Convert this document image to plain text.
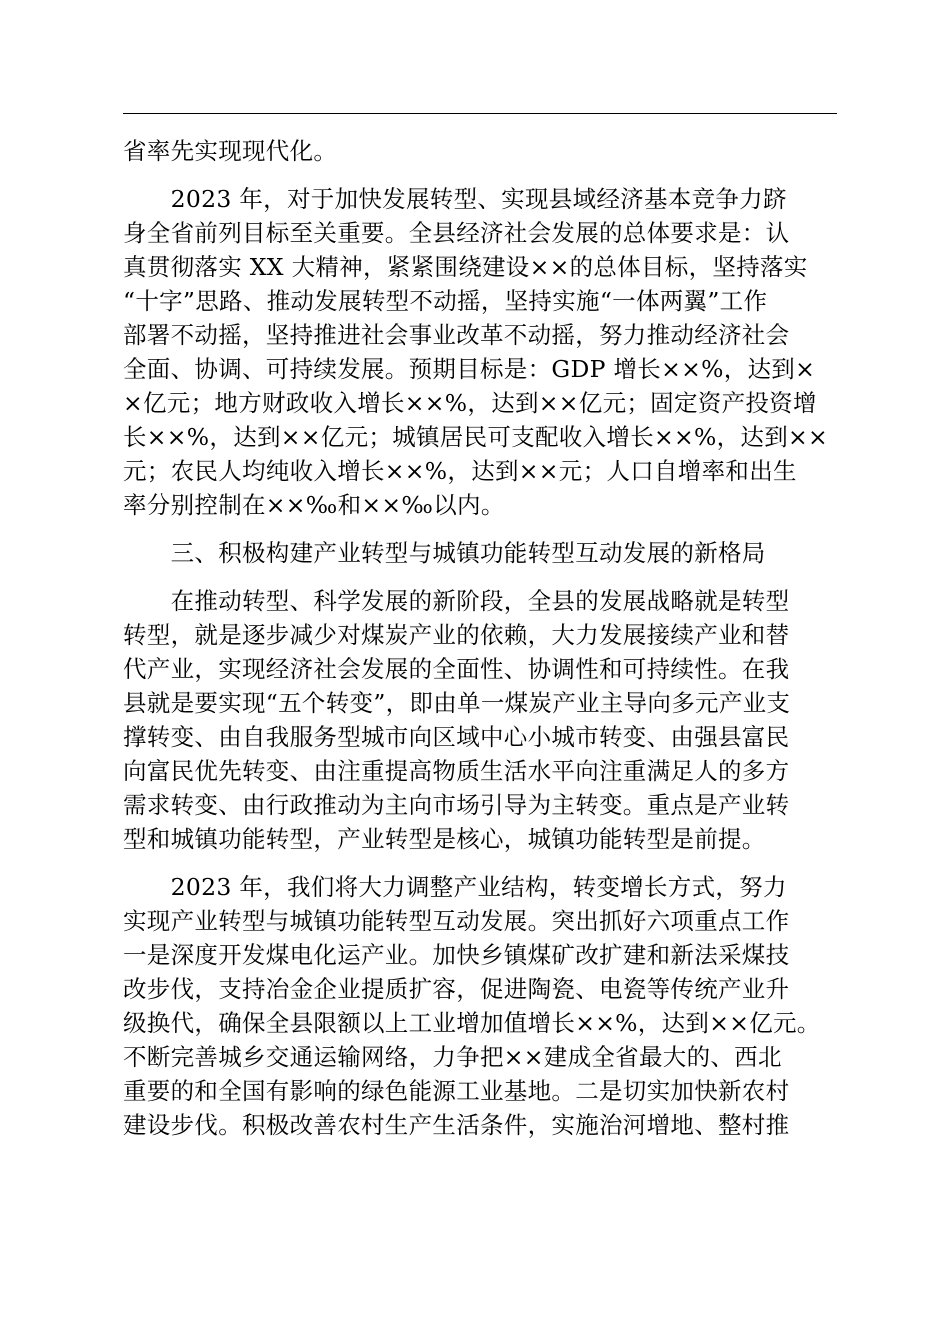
省率先实现现代化。
　　2023 年，对于加快发展转型、实现县域经济基本竞争力跻
身全省前列目标至关重要。全县经济社会发展的总体要求是：认
真贯彻落实 XX 大精神，紧紧围绕建设××的总体目标，坚持落实
“十字”思路、推动发展转型不动摇，坚持实施“一体两翼”工作
部署不动摇，坚持推进社会事业改革不动摇，努力推动经济社会
全面、协调、可持续发展。预期目标是：GDP 增长××%，达到×
×亿元；地方财政收入增长××%，达到××亿元；固定资产投资增
长××%，达到××亿元；城镇居民可支配收入增长××%，达到××
元；农民人均纯收入增长××%，达到××元；人口自增率和出生
率分别控制在××‰和××‰以内。
　　三、积极构建产业转型与城镇功能转型互动发展的新格局
　　在推动转型、科学发展的新阶段，全县的发展战略就是转型
转型，就是逐步减少对煤炭产业的依赖，大力发展接续产业和替
代产业，实现经济社会发展的全面性、协调性和可持续性。在我
县就是要实现“五个转变”，即由单一煤炭产业主导向多元产业支
撑转变、由自我服务型城市向区域中心小城市转变、由强县富民
向富民优先转变、由注重提高物质生活水平向注重满足人的多方
需求转变、由行政推动为主向市场引导为主转变。重点是产业转
型和城镇功能转型，产业转型是核心，城镇功能转型是前提。
　　2023 年，我们将大力调整产业结构，转变增长方式，努力
实现产业转型与城镇功能转型互动发展。突出抓好六项重点工作
一是深度开发煤电化运产业。加快乡镇煤矿改扩建和新法采煤技
改步伐，支持冶金企业提质扩容，促进陶瓷、电瓷等传统产业升
级换代，确保全县限额以上工业增加值增长××%，达到××亿元。
不断完善城乡交通运输网络，力争把××建成全省最大的、西北
重要的和全国有影响的绿色能源工业基地。二是切实加快新农村
建设步伐。积极改善农村生产生活条件，实施治河增地、整村推
